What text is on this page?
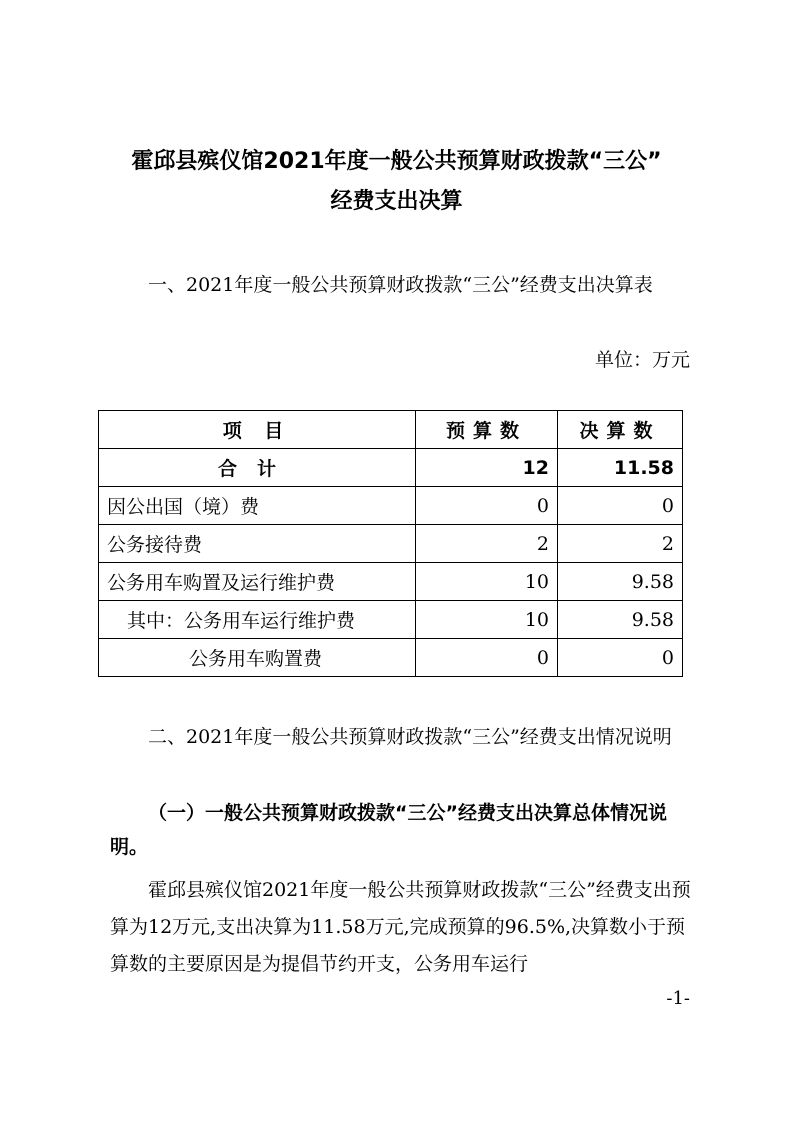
霍邱县殡仪馆2021年度一般公共预算财政拨款“三公”
经费支出决算
一、2021年度一般公共预算财政拨款“三公”经费支出决算表
单位：万元
项 目	预算数	决算数
合计	12	11.58
因公出国（境）费	0	0
公务接待费	2	2
公务用车购置及运行维护费	10	9.58
其中：公务用车运行维护费	10	9.58
公务用车购置费	0	0
二、2021年度一般公共预算财政拨款“三公”经费支出情况说明
（一）一般公共预算财政拨款“三公”经费支出决算总体情况说明。
霍邱县殡仪馆2021年度一般公共预算财政拨款“三公”经费支出预算为12万元,支出决算为11.58万元,完成预算的96.5%,决算数小于预算数的主要原因是为提倡节约开支，公务用车运行
-1-
